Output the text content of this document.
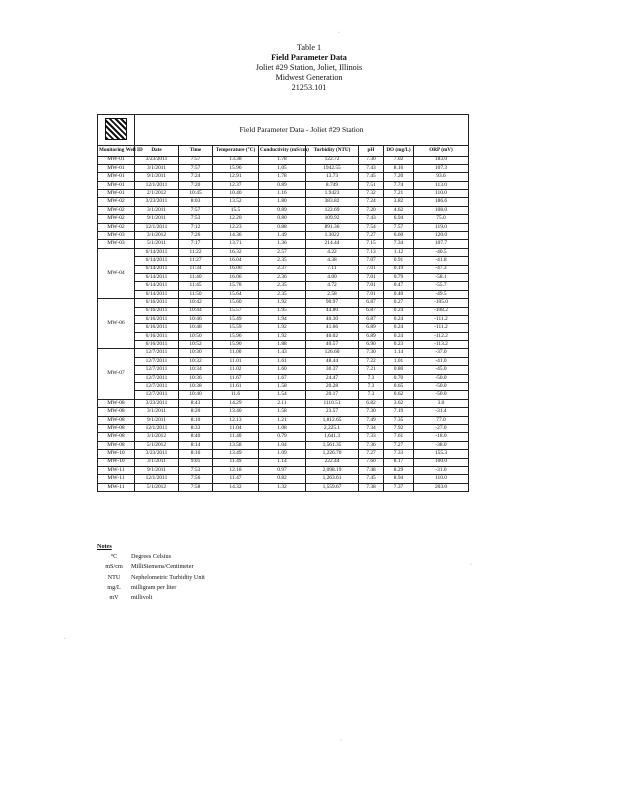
Table 1
Field Parameter Data
Joliet #29 Station, Joliet, Illinois
Midwest Generation
21253.101
	Field Parameter Data - Joliet #29 Station							
Monitoring Well ID	Date	Time	Temperature (°C)	Conductivity (mS/cm)	Turbidity (NTU)	pH	DO (mg/L)	ORP (mV)
MW-01	3/23/2011	7:57	13.38	1.78	122.72	7.30	7.02	183.0
MW-01	3/1/2011	7:57	15.96	1.05	1942.55	7.43	8.16	107.3
MW-01	9/1/2011	7:24	12.91	1.78	13.73	7.45	7.20	93.6
MW-01	12/1/2011	7:20	12.37	0.89	8.749	7.51	7.74	113.0
MW-01	2/1/2012	10:45	10.40	1.16	1.9423	7.32	7.21	110.0
MW-02	3/23/2011	8:03	13.52	1.80	383.82	7.24	3.82	186.6
MW-02	3/1/2011	7:57	15.5	0.89	122.69	7.20	4.62	108.0
MW-02	9/1/2011	7:53	12.20	0.80	109.92	7.43	6.94	75.0
MW-02	12/1/2011	7:12	12.23	0.88	891.36	7.54	7.57	119.0
MW-03	3/1/2012	7:26	14.36	1.49	1.3022	7.27	6.60	120.0
MW-03	5/1/2011	7:17	13.71	1.36	214.44	7.15	7.34	107.7
MW-04	6/14/2011	11:22	16.32	2.57	4.22	7.13	1.12	-40.5
	6/14/2011	11:27	16.04	2.35	4.38	7.07	0.91	-41.8
	6/14/2011	11:34	16.00	2.37	7.11	7.01	0.19	-47.3
	6/14/2011	11:40	16.06	2.36	4.00	7.01	0.79	-58.1
	6/14/2011	11:45	15.78	2.35	4.72	7.01	0.47	-55.7
	6/14/2011	11:50	15.64	2.35	2.58	7.01	0.40	-49.5
MW-06	6/16/2011	10:42	15.60	1.92	90.97	6.87	0.27	-105.0
	6/16/2011	10:44	15.57	1.95	44.80	6.87	0.24	-108.2
	6/16/2011	10:46	15.49	1.94	40.30	6.87	0.24	-111.2
	6/16/2011	10:48	15.59	1.92	41.66	6.89	0.24	-111.2
	6/16/2011	10:50	15.96	1.92	40.02	6.89	0.24	-112.2
	6/16/2011	10:52	15.90	1.88	40.57	6.90	0.23	-113.2
MW-07	12/7/2011	10:30	11.00	1.43	126.60	7.30	1.14	-37.0
	12/7/2011	10:32	11.01	1.61	48.44	7.22	1.01	-41.0
	12/7/2011	10:34	11.02	1.60	30.37	7.21	0.80	-45.0
	12/7/2011	10:36	11.67	1.67	24.47	7.3	0.70	-50.0
	12/7/2011	10:38	11.61	1.58	20.28	7.3	0.65	-50.0
	12/7/2011	10:40	11.6	1.54	20.17	7.3	0.62	-50.0
MW-08	3/23/2011	8:43	14.29	2.11	1110.51	6.82	3.62	3.0
MW-08	3/1/2011	8:20	13.40	1.58	23.57	7.30	7.19	-31.4
MW-08	9/1/2011	8:10	12.13	1.21	1,812.65	7.49	7.35	77.0
MW-08	12/1/2011	8:33	11.04	1.08	2,225.1	7.34	7.92	-27.0
MW-08	3/1/2012	8:40	11.40	0.79	1,641.3	7.33	7.61	-18.0
MW-08	5/1/2012	8:14	13.58	1.04	1,561.35	7.36	7.27	-38.0
MW-10	3/23/2011	8:16	13.49	1.09	1,226.70	7.27	7.33	155.3
MW-10	3/1/2011	9:01	11.49	1.14	222.44	7.60	8.17	100.0
MW-11	9/1/2011	7:53	12.18	0.97	2,098.19	7.48	8.29	-31.0
MW-11	12/1/2011	7:56	11.47	0.82	1,263.61	7.45	8.94	110.0
MW-11	5/1/2012	7:58	14.32	1.32	1,559.67	7.38	7.37	203.0
Notes
°C Degrees Celsius
mS/cm MilliSiemens/Centimeter
NTU Nephelometric Turbidity Unit
mg/L milligram per liter
mV millivolt
·
·
·
·
